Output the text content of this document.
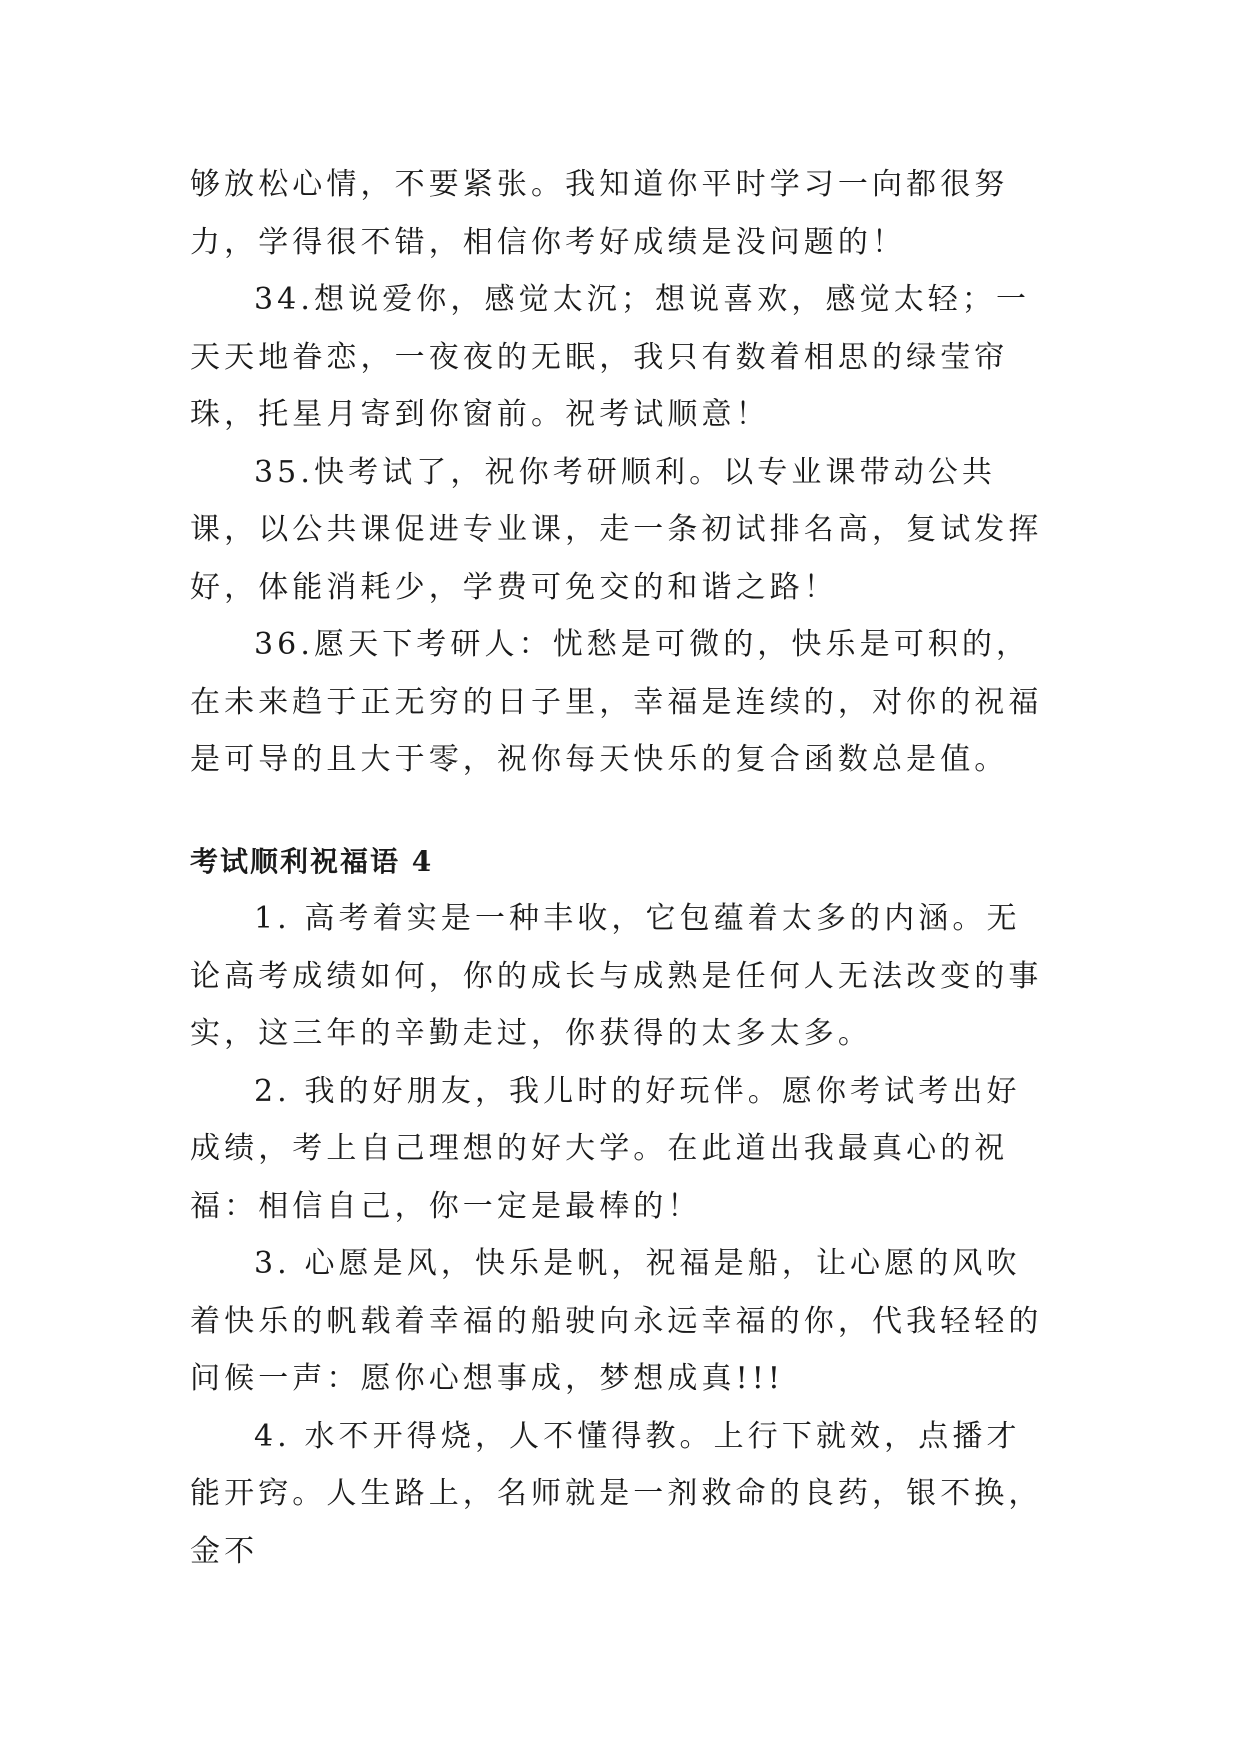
够放松心情，不要紧张。我知道你平时学习一向都很努力，学得很不错，相信你考好成绩是没问题的！

34.想说爱你，感觉太沉；想说喜欢，感觉太轻；一天天地眷恋，一夜夜的无眠，我只有数着相思的绿莹帘珠，托星月寄到你窗前。祝考试顺意！

35.快考试了，祝你考研顺利。以专业课带动公共课，以公共课促进专业课，走一条初试排名高，复试发挥好，体能消耗少，学费可免交的和谐之路！

36.愿天下考研人：忧愁是可微的，快乐是可积的，在未来趋于正无穷的日子里，幸福是连续的，对你的祝福是可导的且大于零，祝你每天快乐的复合函数总是值。

考试顺利祝福语 4

1. 高考着实是一种丰收，它包蕴着太多的内涵。无论高考成绩如何，你的成长与成熟是任何人无法改变的事实，这三年的辛勤走过，你获得的太多太多。

2. 我的好朋友，我儿时的好玩伴。愿你考试考出好成绩，考上自己理想的好大学。在此道出我最真心的祝福：相信自己，你一定是最棒的！

3. 心愿是风，快乐是帆，祝福是船，让心愿的风吹着快乐的帆载着幸福的船驶向永远幸福的你，代我轻轻的问候一声：愿你心想事成，梦想成真!!!

4. 水不开得烧，人不懂得教。上行下就效，点播才能开窍。人生路上，名师就是一剂救命的良药，银不换，金不
